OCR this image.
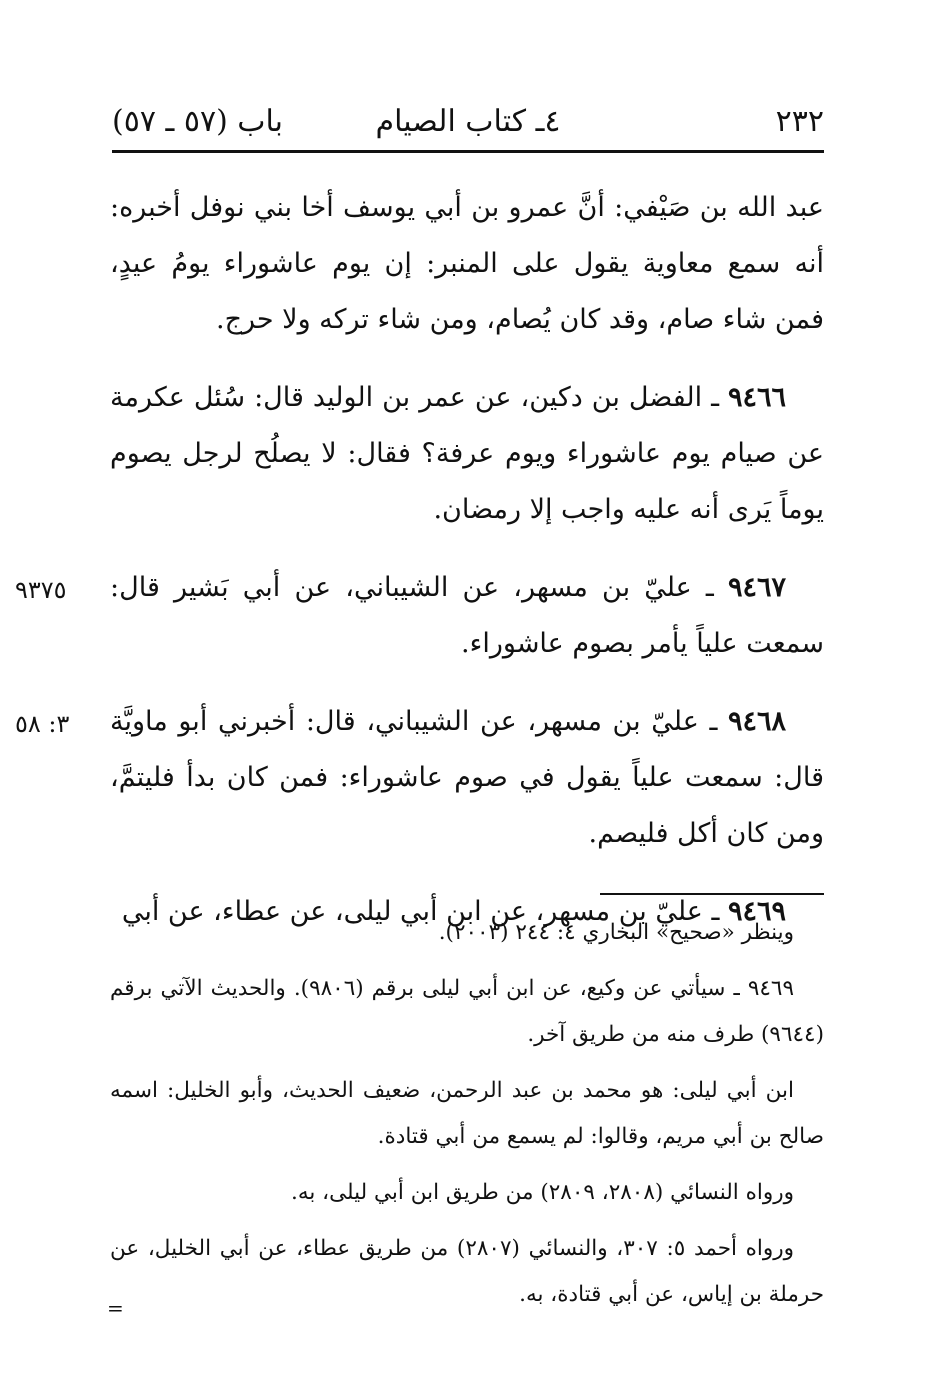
٢٣٢
٤ـ كتاب الصيام
باب (٥٧ ـ ٥٧)

عبد الله بن صَيْفي: أنَّ عمرو بن أبي يوسف أخا بني نوفل أخبره: أنه سمع معاوية يقول على المنبر: إن يوم عاشوراء يومُ عيدٍ، فمن شاء صام، وقد كان يُصام، ومن شاء تركه ولا حرج.

٩٤٦٦ ـ الفضل بن دكين، عن عمر بن الوليد قال: سُئل عكرمة عن صيام يوم عاشوراء ويوم عرفة؟ فقال: لا يصلُح لرجل يصوم يوماً يَرى أنه عليه واجب إلا رمضان.

٩٣٧٥	٩٤٦٧ ـ عليّ بن مسهر، عن الشيباني، عن أبي بَشير قال: سمعت علياً يأمر بصوم عاشوراء.

٣: ٥٨	٩٤٦٨ ـ عليّ بن مسهر، عن الشيباني، قال: أخبرني أبو ماويَّة قال: سمعت علياً يقول في صوم عاشوراء: فمن كان بدأ فليتمَّ، ومن كان أكل فليصم.

٩٤٦٩ ـ عليّ بن مسهر، عن ابن أبي ليلى، عن عطاء، عن أبي

وينظر «صحيح» البخاري ٤: ٢٤٤ (٢٠٠٣).

٩٤٦٩ ـ سيأتي عن وكيع، عن ابن أبي ليلى برقم (٩٨٠٦). والحديث الآتي برقم (٩٦٤٤) طرف منه من طريق آخر.

ابن أبي ليلى: هو محمد بن عبد الرحمن، ضعيف الحديث، وأبو الخليل: اسمه صالح بن أبي مريم، وقالوا: لم يسمع من أبي قتادة.

ورواه النسائي (٢٨٠٨، ٢٨٠٩) من طريق ابن أبي ليلى، به.

ورواه أحمد ٥: ٣٠٧، والنسائي (٢٨٠٧) من طريق عطاء، عن أبي الخليل، عن حرملة بن إياس، عن أبي قتادة، به.

=
